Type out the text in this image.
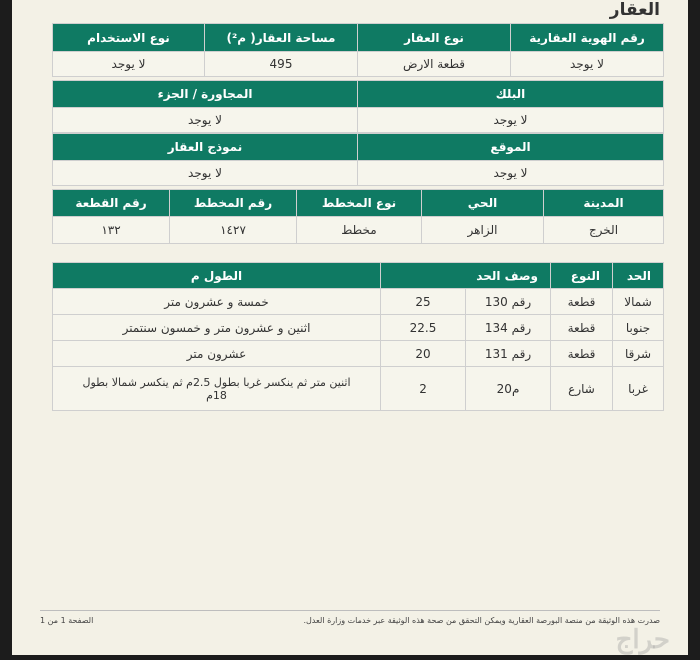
العقار
رقم الهوية العقارية	نوع العقار	مساحة العقار( م²)	نوع الاستخدام
لا يوجد	قطعة الارض	495	لا يوجد
البلك	المجاورة / الجزء
لا يوجد	لا يوجد
الموقع	نموذج العقار
لا يوجد	لا يوجد
المدينة	الحي	نوع المخطط	رقم المخطط	رقم القطعة
الخرج	الزاهر	مخطط	١٤٢٧	١٣٢
الحد	النوع	وصف الحد		الطول م
شمالا	قطعة	رقم 130	25	خمسة و عشرون متر
جنوبا	قطعة	رقم 134	22.5	اثنين و عشرون متر و خمسون سنتمتر
شرقا	قطعة	رقم 131	20	عشرون متر
غربا	شارع	م20	2	اثنين متر ثم ينكسر غربا بطول 2.5م ثم ينكسر شمالا بطول 18م
الصفحة 1 من 1	صدرت هذه الوثيقة من منصة البورصة العقارية ويمكن التحقق من صحة هذه الوثيقة عبر خدمات وزارة العدل.
حراج
